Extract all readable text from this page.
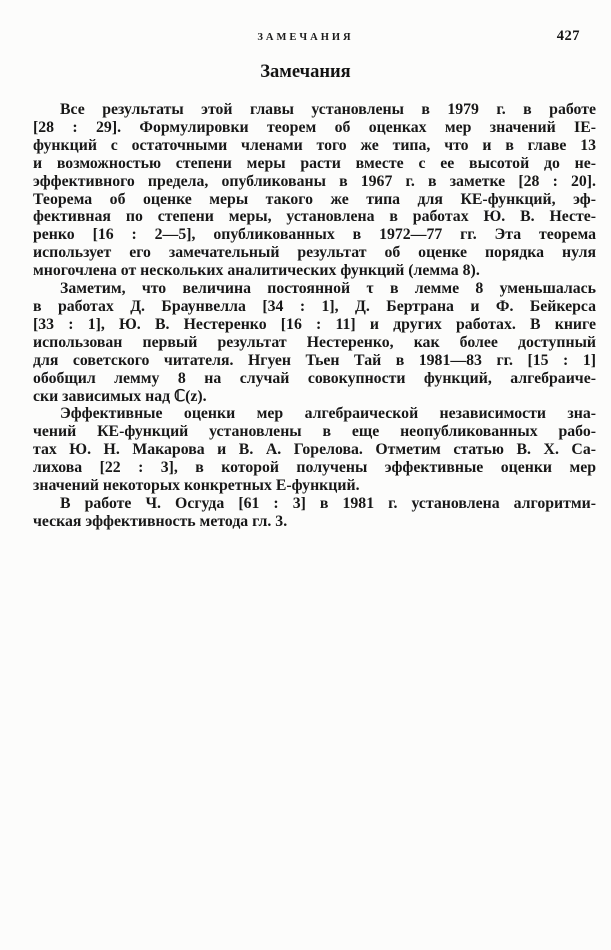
ЗАМЕЧАНИЯ	427
Замечания
Все результаты этой главы установлены в 1979 г. в работе
[28 : 29]. Формулировки теорем об оценках мер значений IE-
функций с остаточными членами того же типа, что и в главе 13
и возможностью степени меры расти вместе с ее высотой до не-
эффективного предела, опубликованы в 1967 г. в заметке [28 : 20].
Теорема об оценке меры такого же типа для КЕ-функций, эф-
фективная по степени меры, установлена в работах Ю. В. Несте-
ренко [16 : 2—5], опубликованных в 1972—77 гг. Эта теорема
использует его замечательный результат об оценке порядка нуля
многочлена от нескольких аналитических функций (лемма 8).
Заметим, что величина постоянной τ в лемме 8 уменьшалась
в работах Д. Браунвелла [34 : 1], Д. Бертрана и Ф. Бейкерса
[33 : 1], Ю. В. Нестеренко [16 : 11] и других работах. В книге
использован первый результат Нестеренко, как более доступный
для советского читателя. Нгуен Тьен Тай в 1981—83 гг. [15 : 1]
обобщил лемму 8 на случай совокупности функций, алгебраиче-
ски зависимых над ℂ(z).
Эффективные оценки мер алгебраической независимости зна-
чений КЕ-функций установлены в еще неопубликованных рабо-
тах Ю. Н. Макарова и В. А. Горелова. Отметим статью В. Х. Са-
лихова [22 : 3], в которой получены эффективные оценки мер
значений некоторых конкретных Е-функций.
В работе Ч. Осгуда [61 : 3] в 1981 г. установлена алгоритми-
ческая эффективность метода гл. 3.
